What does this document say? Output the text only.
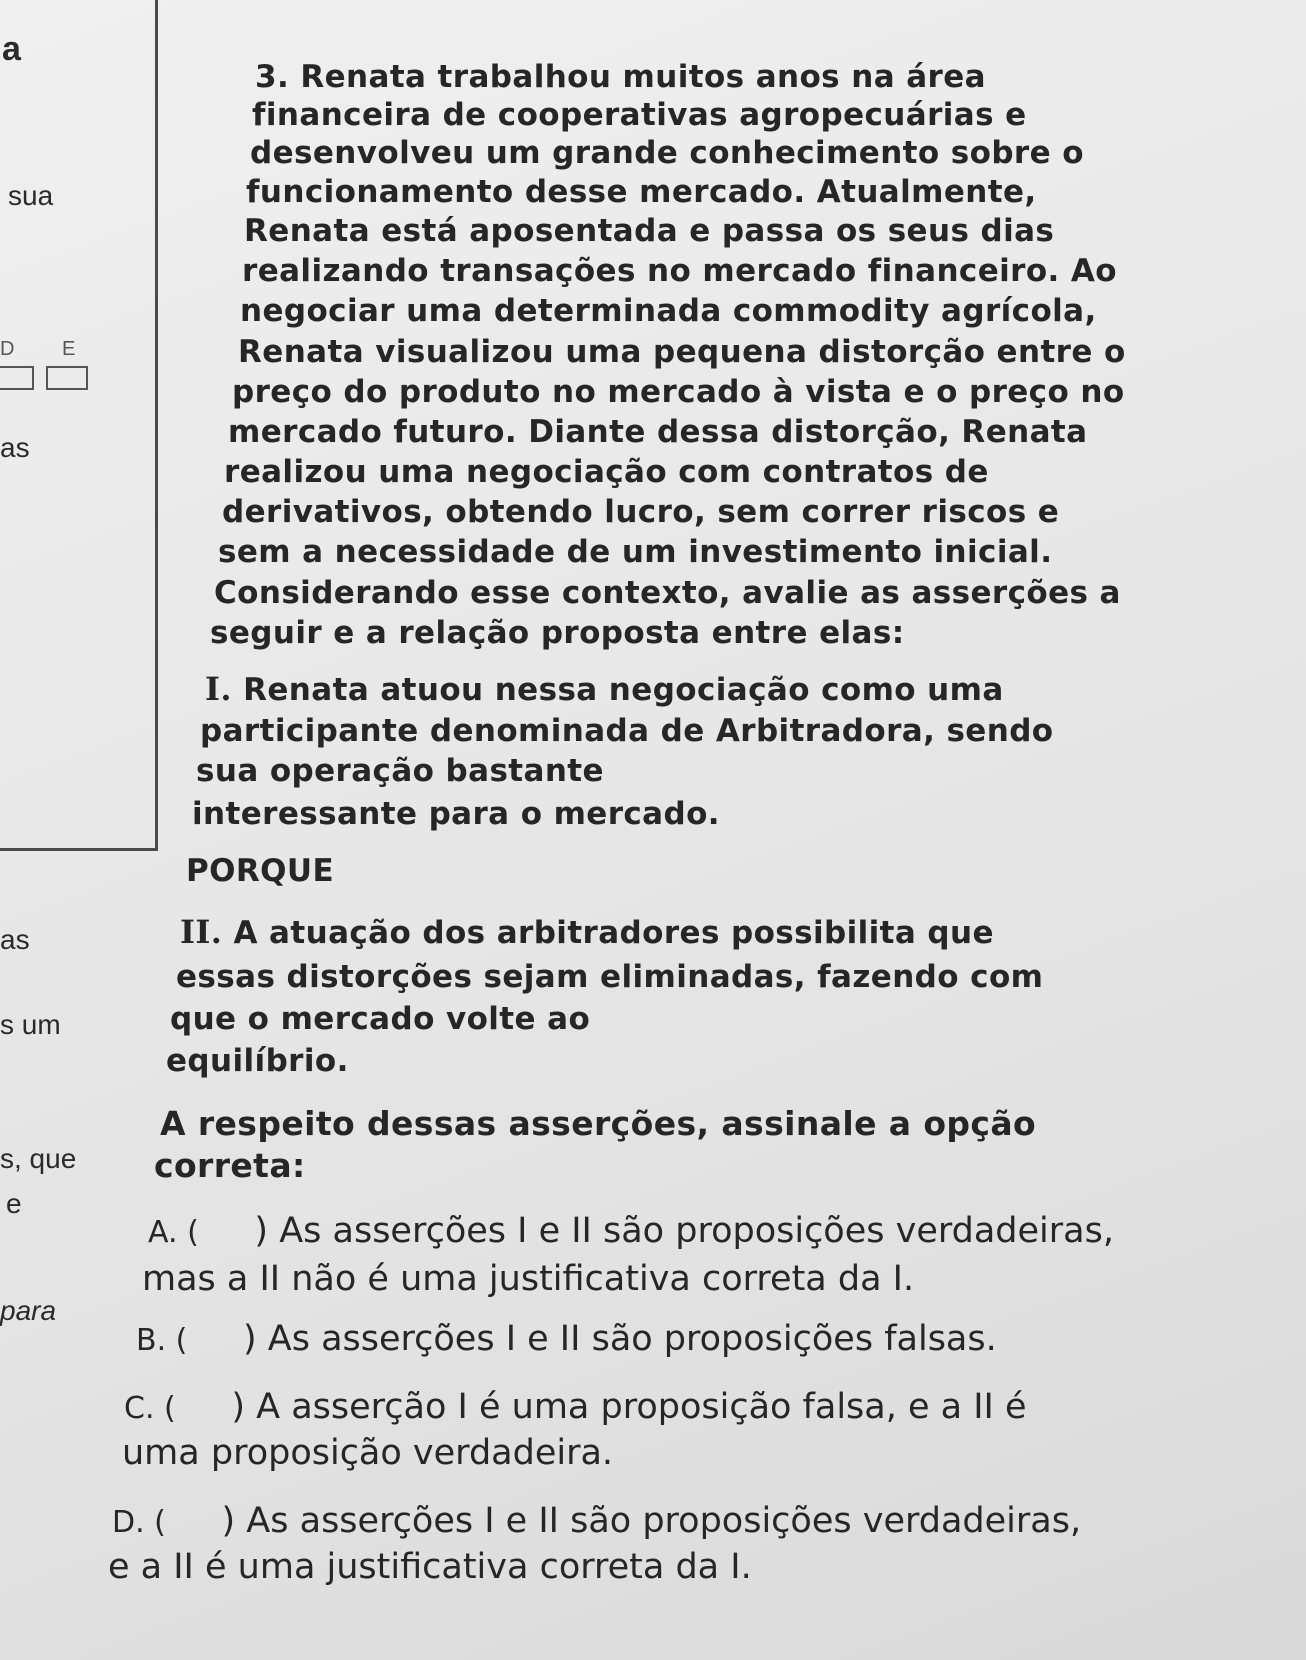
a
sua
D E
as
as
s um
s, que
e
para
3. Renata trabalhou muitos anos na área
financeira de cooperativas agropecuárias e
desenvolveu um grande conhecimento sobre o
funcionamento desse mercado. Atualmente,
Renata está aposentada e passa os seus dias
realizando transações no mercado financeiro. Ao
negociar uma determinada commodity agrícola,
Renata visualizou uma pequena distorção entre o
preço do produto no mercado à vista e o preço no
mercado futuro. Diante dessa distorção, Renata
realizou uma negociação com contratos de
derivativos, obtendo lucro, sem correr riscos e
sem a necessidade de um investimento inicial.
Considerando esse contexto, avalie as asserções a
seguir e a relação proposta entre elas:
I. Renata atuou nessa negociação como uma
participante denominada de Arbitradora, sendo
sua operação bastante
interessante para o mercado.
PORQUE
II. A atuação dos arbitradores possibilita que
essas distorções sejam eliminadas, fazendo com
que o mercado volte ao
equilíbrio.
A respeito dessas asserções, assinale a opção
correta:
A. ( ) As asserções I e II são proposições verdadeiras,
mas a II não é uma justificativa correta da I.
B. ( ) As asserções I e II são proposições falsas.
C. ( ) A asserção I é uma proposição falsa, e a II é
uma proposição verdadeira.
D. ( ) As asserções I e II são proposições verdadeiras,
e a II é uma justificativa correta da I.
